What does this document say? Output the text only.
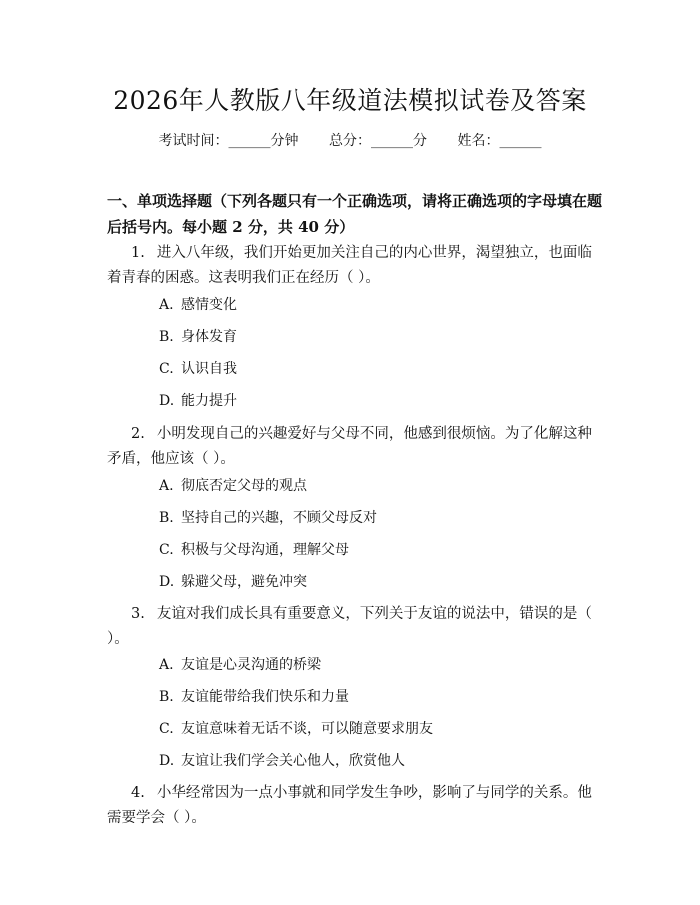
2026年人教版八年级道法模拟试卷及答案
考试时间：______分钟 总分：______分 姓名：______
一、单项选择题（下列各题只有一个正确选项，请将正确选项的字母填在题后括号内。每小题 2 分，共 40 分）
1. 进入八年级，我们开始更加关注自己的内心世界，渴望独立，也面临着青春的困惑。这表明我们正在经历（ ）。
A. 感情变化
B. 身体发育
C. 认识自我
D. 能力提升
2. 小明发现自己的兴趣爱好与父母不同，他感到很烦恼。为了化解这种矛盾，他应该（ ）。
A. 彻底否定父母的观点
B. 坚持自己的兴趣，不顾父母反对
C. 积极与父母沟通，理解父母
D. 躲避父母，避免冲突
3. 友谊对我们成长具有重要意义，下列关于友谊的说法中，错误的是（ ）。
A. 友谊是心灵沟通的桥梁
B. 友谊能带给我们快乐和力量
C. 友谊意味着无话不谈，可以随意要求朋友
D. 友谊让我们学会关心他人，欣赏他人
4. 小华经常因为一点小事就和同学发生争吵，影响了与同学的关系。他需要学会（ ）。
